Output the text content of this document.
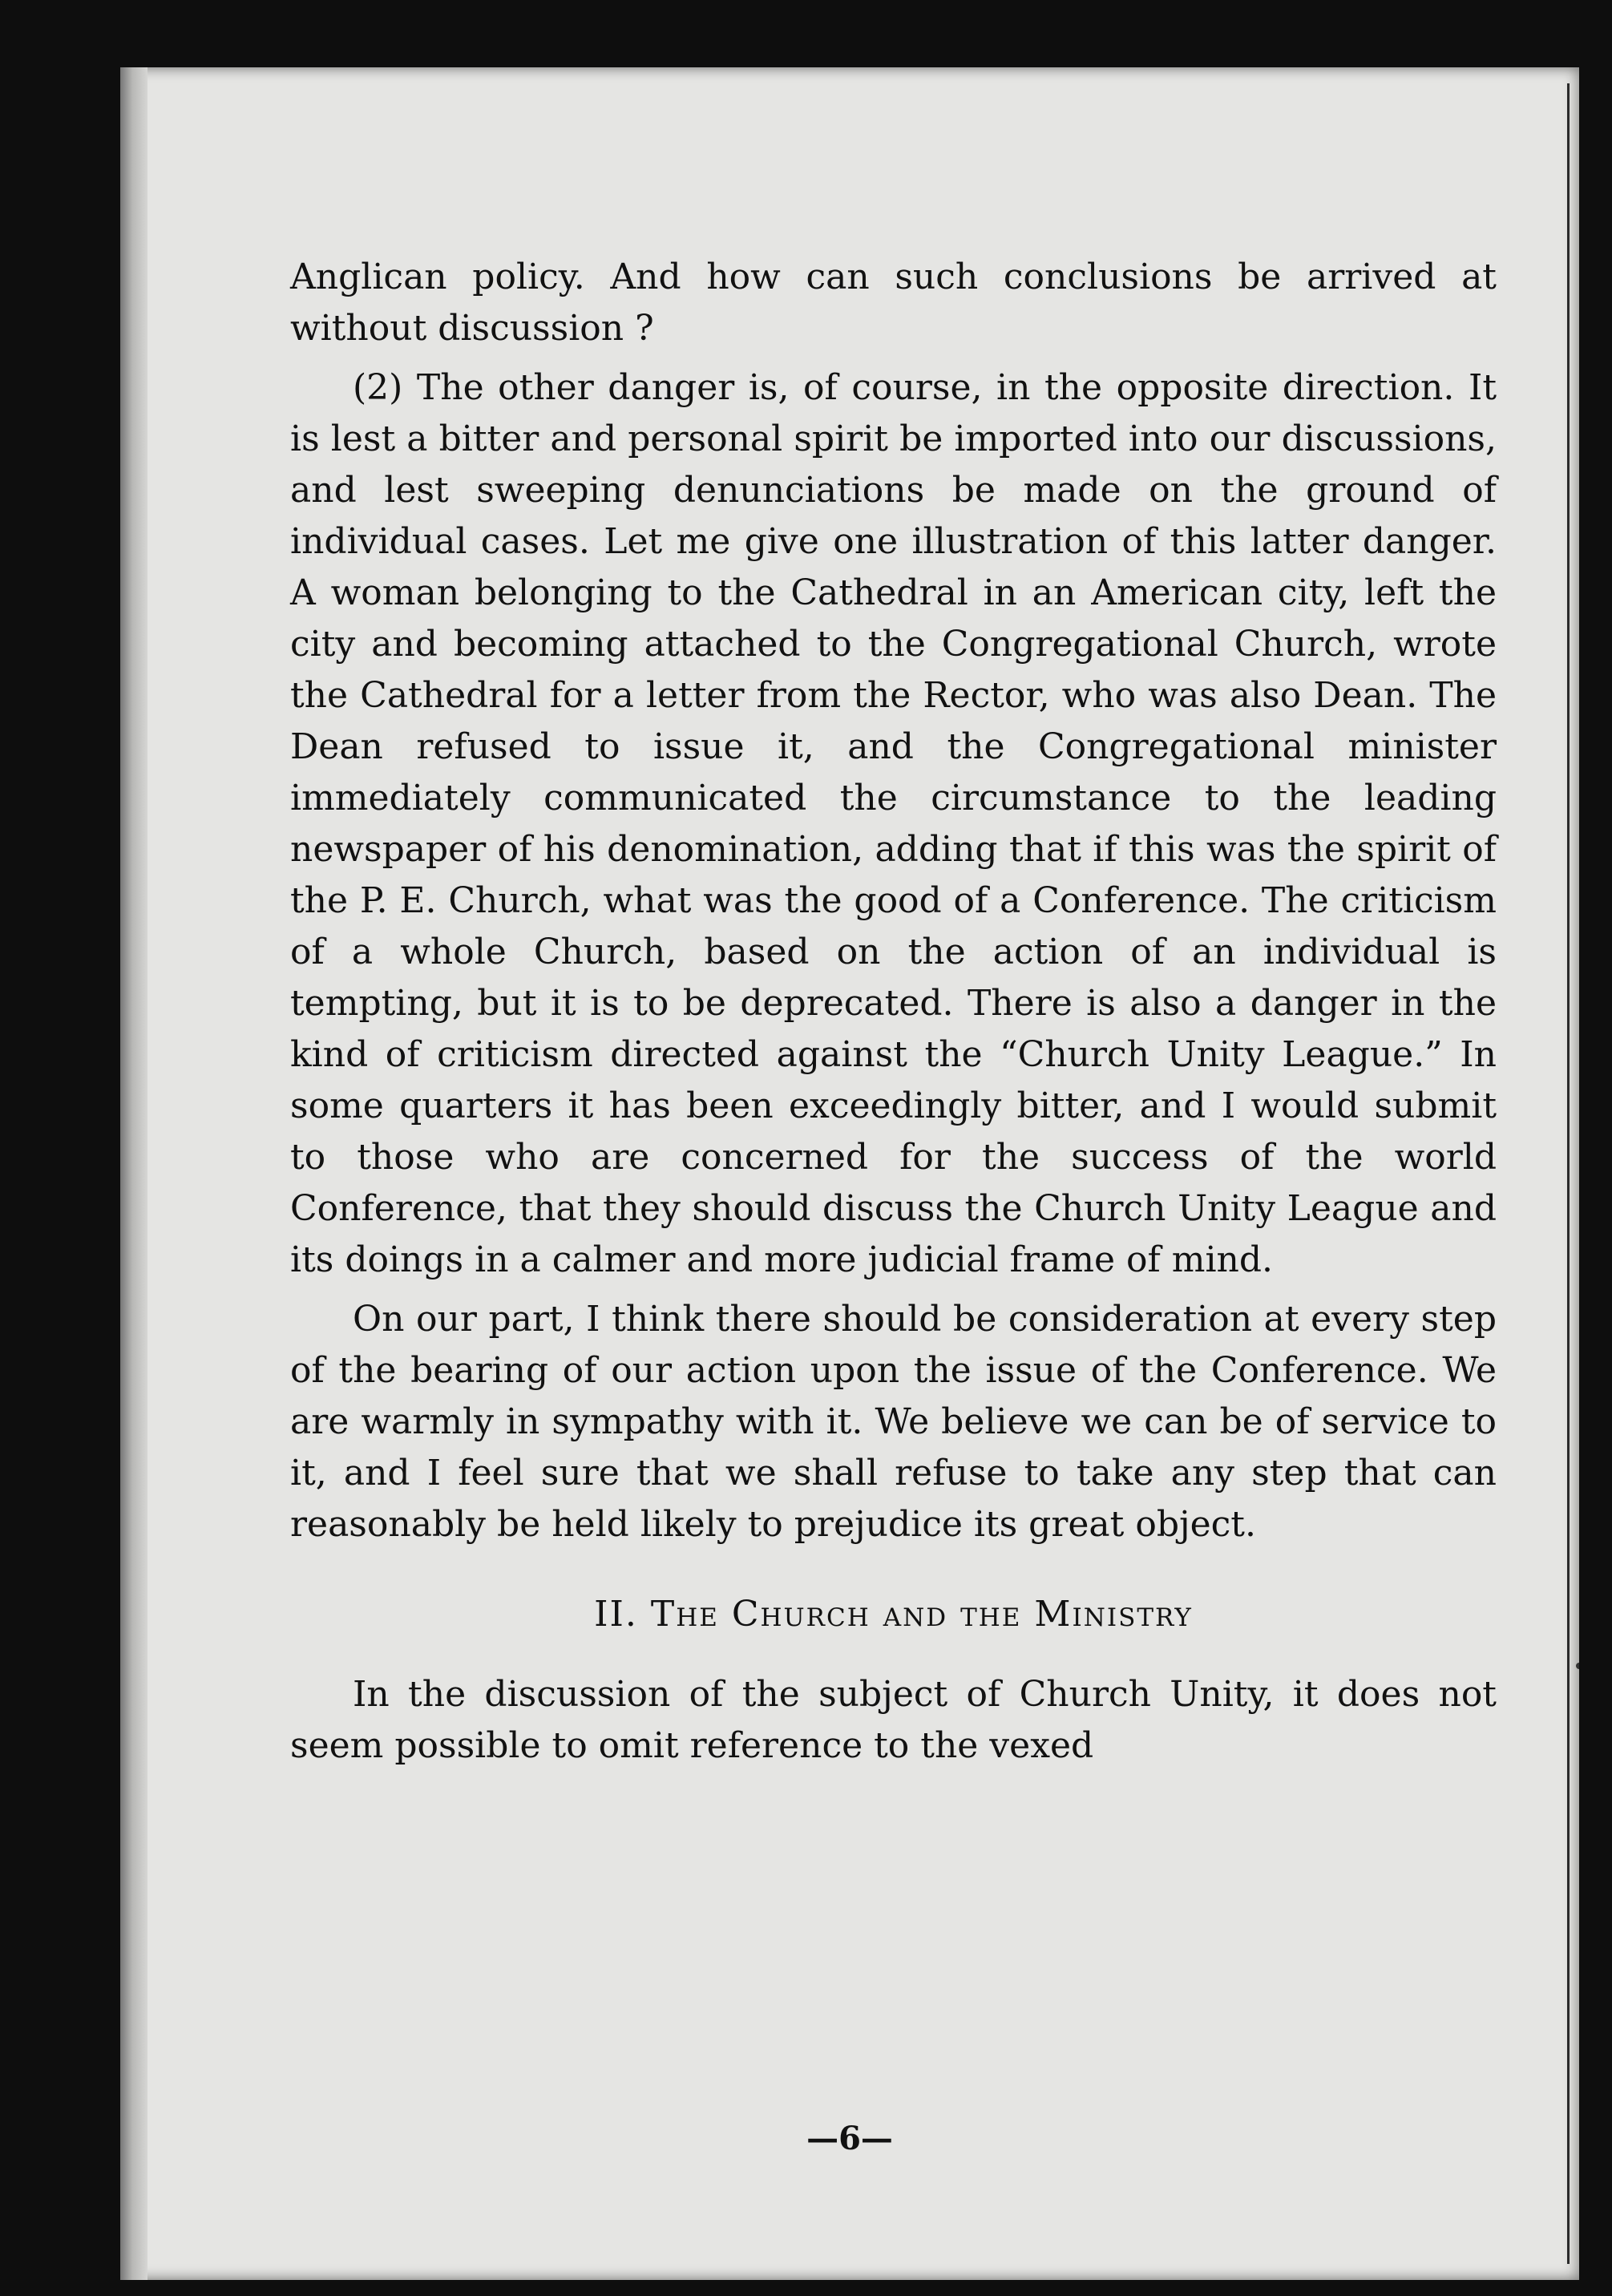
Anglican policy. And how can such conclusions be arrived at without discussion ?

(2) The other danger is, of course, in the opposite direction. It is lest a bitter and personal spirit be imported into our discussions, and lest sweeping denunciations be made on the ground of individual cases. Let me give one illustration of this latter danger. A woman belonging to the Cathedral in an American city, left the city and becoming attached to the Congregational Church, wrote the Cathedral for a letter from the Rector, who was also Dean. The Dean refused to issue it, and the Congregational minister immediately communicated the circumstance to the leading newspaper of his denomination, adding that if this was the spirit of the P. E. Church, what was the good of a Conference. The criticism of a whole Church, based on the action of an individual is tempting, but it is to be deprecated. There is also a danger in the kind of criticism directed against the “Church Unity League.” In some quarters it has been exceedingly bitter, and I would submit to those who are concerned for the success of the world Conference, that they should discuss the Church Unity League and its doings in a calmer and more judicial frame of mind.

On our part, I think there should be consideration at every step of the bearing of our action upon the issue of the Conference. We are warmly in sympathy with it. We believe we can be of service to it, and I feel sure that we shall refuse to take any step that can reasonably be held likely to prejudice its great object.

II. The Church and the Ministry

In the discussion of the subject of Church Unity, it does not seem possible to omit reference to the vexed

—6—
